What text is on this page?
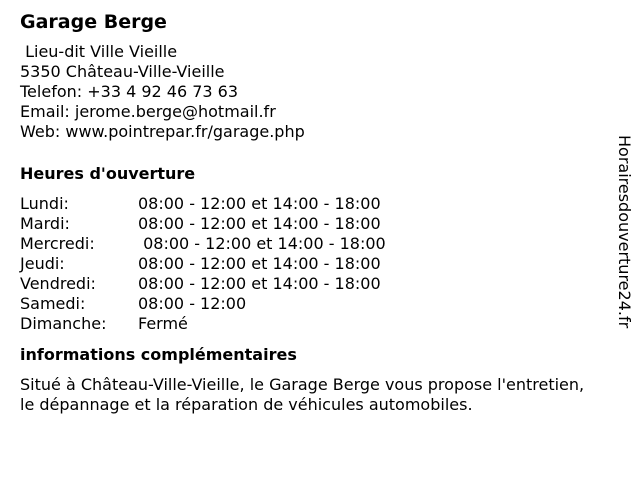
Garage Berge
Lieu-dit Ville Vieille
5350 Château-Ville-Vieille
Telefon: +33 4 92 46 73 63
Email: jerome.berge@hotmail.fr
Web: www.pointrepar.fr/garage.php
Heures d'ouverture
Lundi:	08:00 - 12:00 et 14:00 - 18:00
Mardi:	08:00 - 12:00 et 14:00 - 18:00
Mercredi:	08:00 - 12:00 et 14:00 - 18:00
Jeudi:	08:00 - 12:00 et 14:00 - 18:00
Vendredi:	08:00 - 12:00 et 14:00 - 18:00
Samedi:	08:00 - 12:00
Dimanche:	Fermé
informations complémentaires
Situé à Château-Ville-Vieille, le Garage Berge vous propose l'entretien, le dépannage et la réparation de véhicules automobiles.
Horairesdouverture24.fr
